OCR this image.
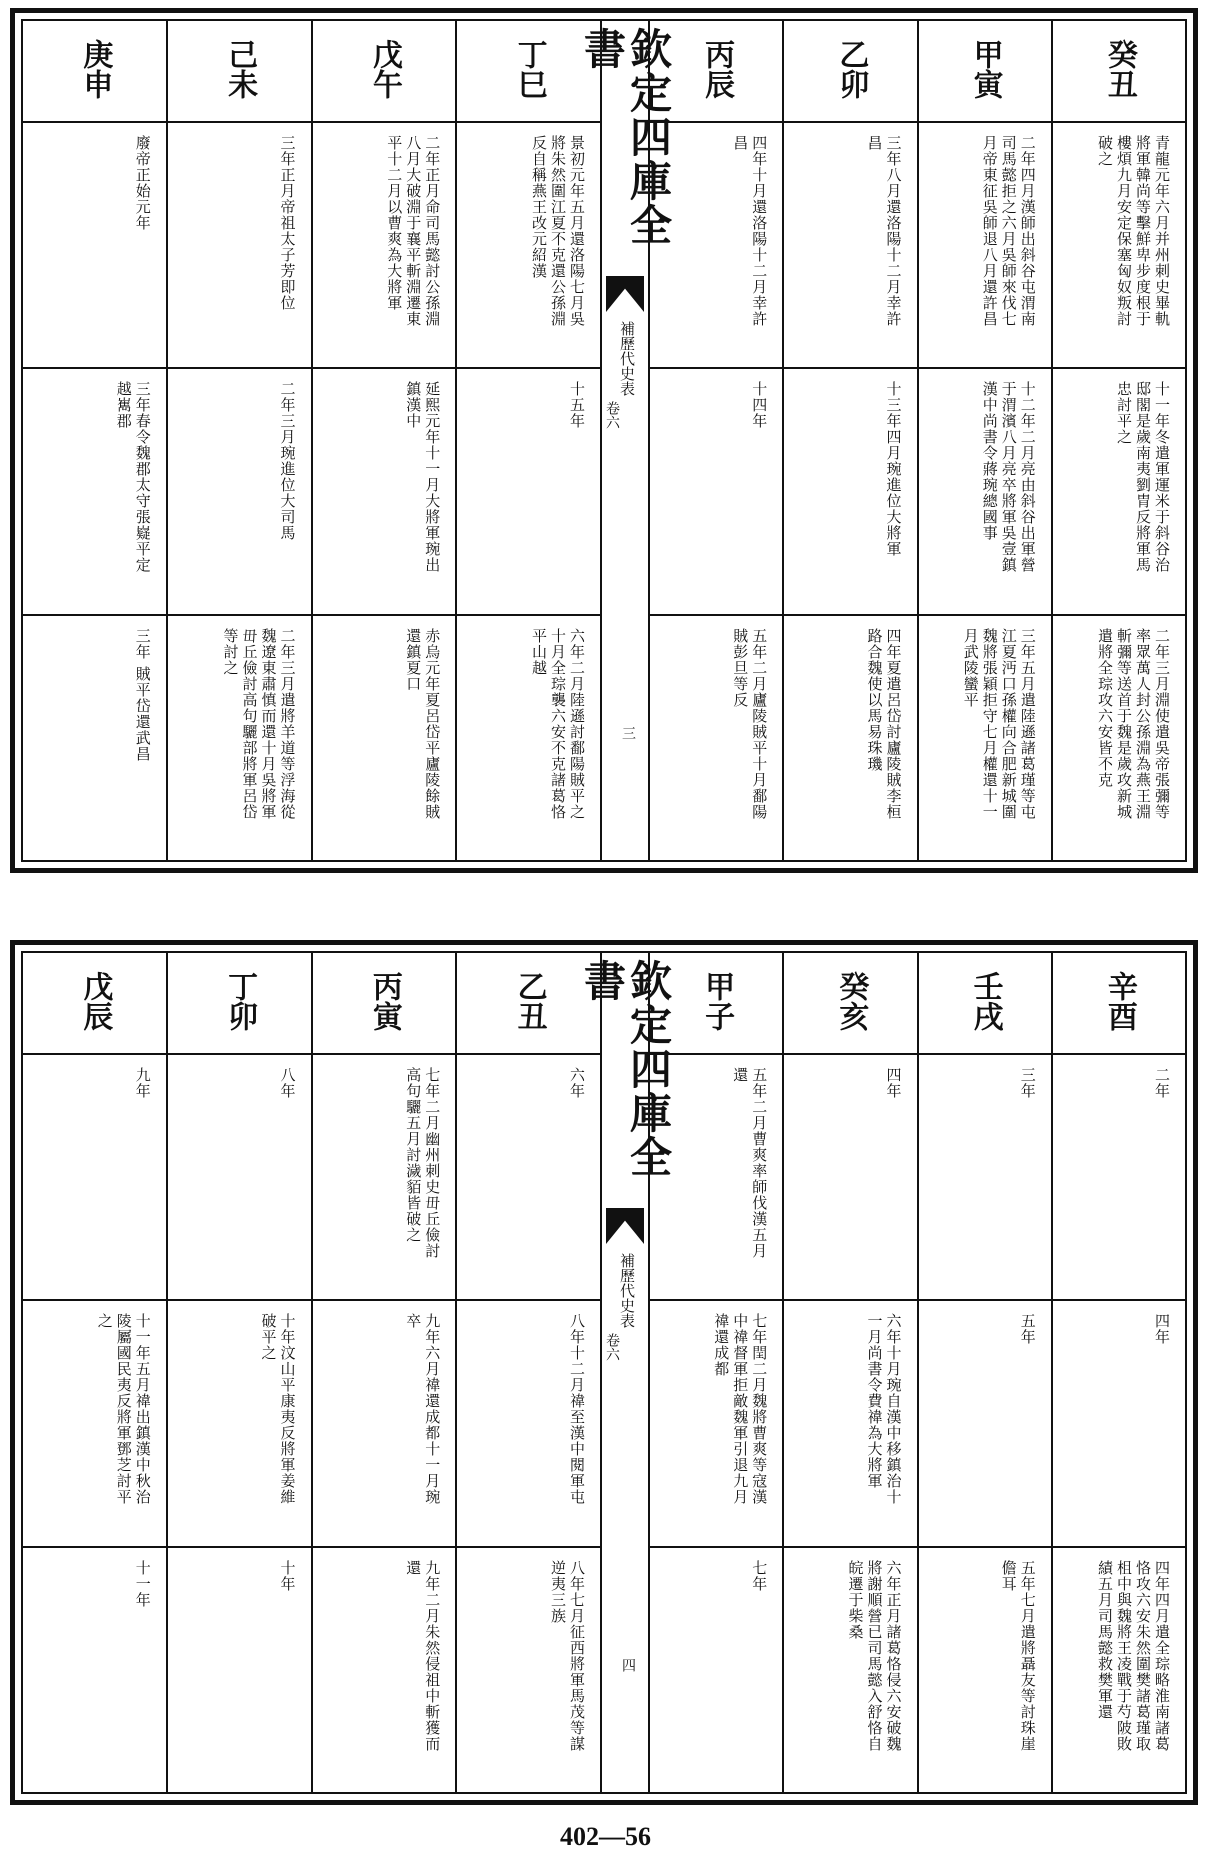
庚申
廢帝正始元年
三年春令魏郡太守張嶷平定越嶲郡
三年 賊平岱還武昌
己未
三年正月帝祖太子芳即位
二年三月琬進位大司馬
二年三月遣將羊道等浮海從魏遼東肅慎而還十月吳將軍毌丘儉討高句驪部將軍呂岱等討之
戊午
二年正月命司馬懿討公孫淵八月大破淵于襄平斬淵遷東平十二月以曹爽為大將軍
延熙元年十一月大將軍琬出鎮漢中
赤烏元年夏呂岱平廬陵餘賊還鎮夏口
丁巳
景初元年五月還洛陽七月吳將朱然圍江夏不克還公孫淵反自稱燕王改元紹漢
十五年
六年二月陸遜討鄱陽賊平之十月全琮襲六安不克諸葛恪平山越
欽定四庫全書
補歷代史表
卷六
三
丙辰
四年十月還洛陽十二月幸許昌
十四年
五年二月廬陵賊平十月鄱陽賊彭旦等反
乙卯
三年八月還洛陽十二月幸許昌
十三年四月琬進位大將軍
四年夏遣呂岱討廬陵賊李桓路合魏使以馬易珠璣
甲寅
二年四月漢師出斜谷屯渭南司馬懿拒之六月吳師來伐七月帝東征吳師退八月還許昌
十二年二月亮由斜谷出軍營于渭濱八月亮卒將軍吳壹鎮漢中尚書令蔣琬總國事
三年五月遣陸遜諸葛瑾等屯江夏沔口孫權向合肥新城圍魏將張穎拒守七月權還十一月武陵蠻平
癸丑
青龍元年六月并州刺史畢軌將軍韓尚等擊鮮卑步度根于樓煩九月安定保塞匈奴叛討破之
十一年冬遣軍運米于斜谷治邸閣是歲南夷劉胄反將軍馬忠討平之
二年三月淵使遣吳帝張彌等率眾萬人封公孫淵為燕王淵斬彌等送首于魏是歲攻新城遣將全琮攻六安皆不克
戊辰
九年
十一年五月禕出鎮漢中秋治陵屬國民夷反將軍鄧芝討平之
十一年
丁卯
八年
十年汶山平康夷反將軍姜維破平之
十年
丙寅
七年二月幽州刺史毌丘儉討高句驪五月討濊貊皆破之
九年六月禕還成都十一月琬卒
九年二月朱然侵祖中斬獲而還
乙丑
六年
八年十二月禕至漢中閱軍屯
八年七月征西將軍馬茂等謀逆夷三族
欽定四庫全書
補歷代史表
卷六
四
甲子
五年二月曹爽率師伐漢五月還
七年閏二月魏將曹爽等寇漢中禕督軍拒敵魏軍引退九月禕還成都
七年
癸亥
四年
六年十月琬自漢中移鎮治十一月尚書令費禕為大將軍
六年正月諸葛恪侵六安破魏將謝順營已司馬懿入舒恪自皖遷于柴桑
壬戌
三年
五年
五年七月遣將聶友等討珠崖儋耳
辛酉
二年
四年
四年四月遣全琮略淮南諸葛恪攻六安朱然圍樊諸葛瑾取柤中與魏將王凌戰于芍陂敗績五月司馬懿救樊軍還
402—56
